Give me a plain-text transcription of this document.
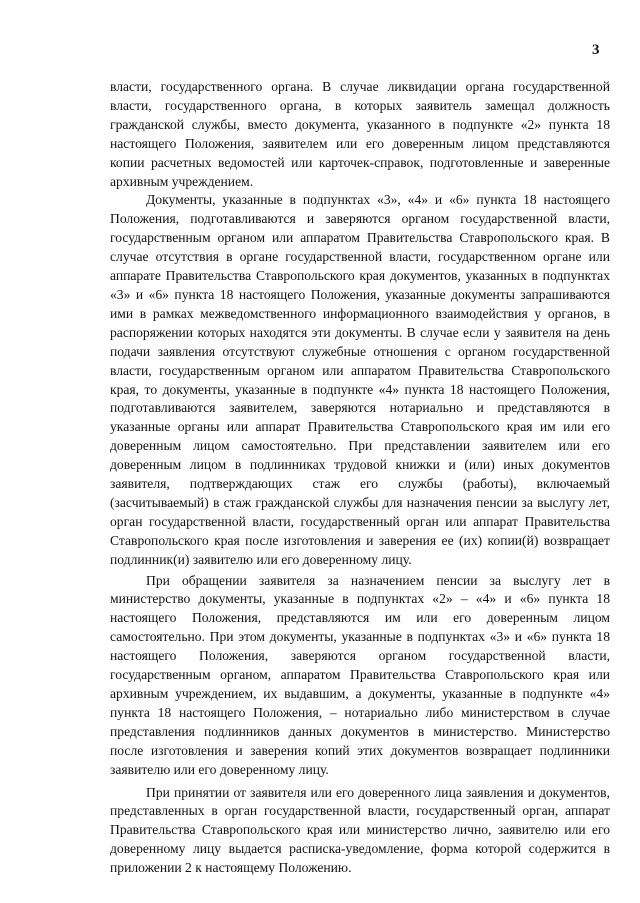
3

власти, государственного органа. В случае ликвидации органа государственной власти, государственного органа, в которых заявитель замещал должность гражданской службы, вместо документа, указанного в подпункте «2» пункта 18 настоящего Положения, заявителем или его доверенным лицом представляются копии расчетных ведомостей или карточек-справок, подготовленные и заверенные архивным учреждением.

Документы, указанные в подпунктах «3», «4» и «6» пункта 18 настоящего Положения, подготавливаются и заверяются органом государственной власти, государственным органом или аппаратом Правительства Ставропольского края. В случае отсутствия в органе государственной власти, государственном органе или аппарате Правительства Ставропольского края документов, указанных в подпунктах «3» и «6» пункта 18 настоящего Положения, указанные документы запрашиваются ими в рамках межведомственного информационного взаимодействия у органов, в распоряжении которых находятся эти документы. В случае если у заявителя на день подачи заявления отсутствуют служебные отношения с органом государственной власти, государственным органом или аппаратом Правительства Ставропольского края, то документы, указанные в подпункте «4» пункта 18 настоящего Положения, подготавливаются заявителем, заверяются нотариально и представляются в указанные органы или аппарат Правительства Ставропольского края им или его доверенным лицом самостоятельно. При представлении заявителем или его доверенным лицом в подлинниках трудовой книжки и (или) иных документов заявителя, подтверждающих стаж его службы (работы), включаемый (засчитываемый) в стаж гражданской службы для назначения пенсии за выслугу лет, орган государственной власти, государственный орган или аппарат Правительства Ставропольского края после изготовления и заверения ее (их) копии(й) возвращает подлинник(и) заявителю или его доверенному лицу.

При обращении заявителя за назначением пенсии за выслугу лет в министерство документы, указанные в подпунктах «2» – «4» и «6» пункта 18 настоящего Положения, представляются им или его доверенным лицом самостоятельно. При этом документы, указанные в подпунктах «3» и «6» пункта 18 настоящего Положения, заверяются органом государственной власти, государственным органом, аппаратом Правительства Ставропольского края или архивным учреждением, их выдавшим, а документы, указанные в подпункте «4» пункта 18 настоящего Положения, – нотариально либо министерством в случае представления подлинников данных документов в министерство. Министерство после изготовления и заверения копий этих документов возвращает подлинники заявителю или его доверенному лицу.

При принятии от заявителя или его доверенного лица заявления и документов, представленных в орган государственной власти, государственный орган, аппарат Правительства Ставропольского края или министерство лично, заявителю или его доверенному лицу выдается расписка-уведомление, форма которой содержится в приложении 2 к настоящему Положению.
